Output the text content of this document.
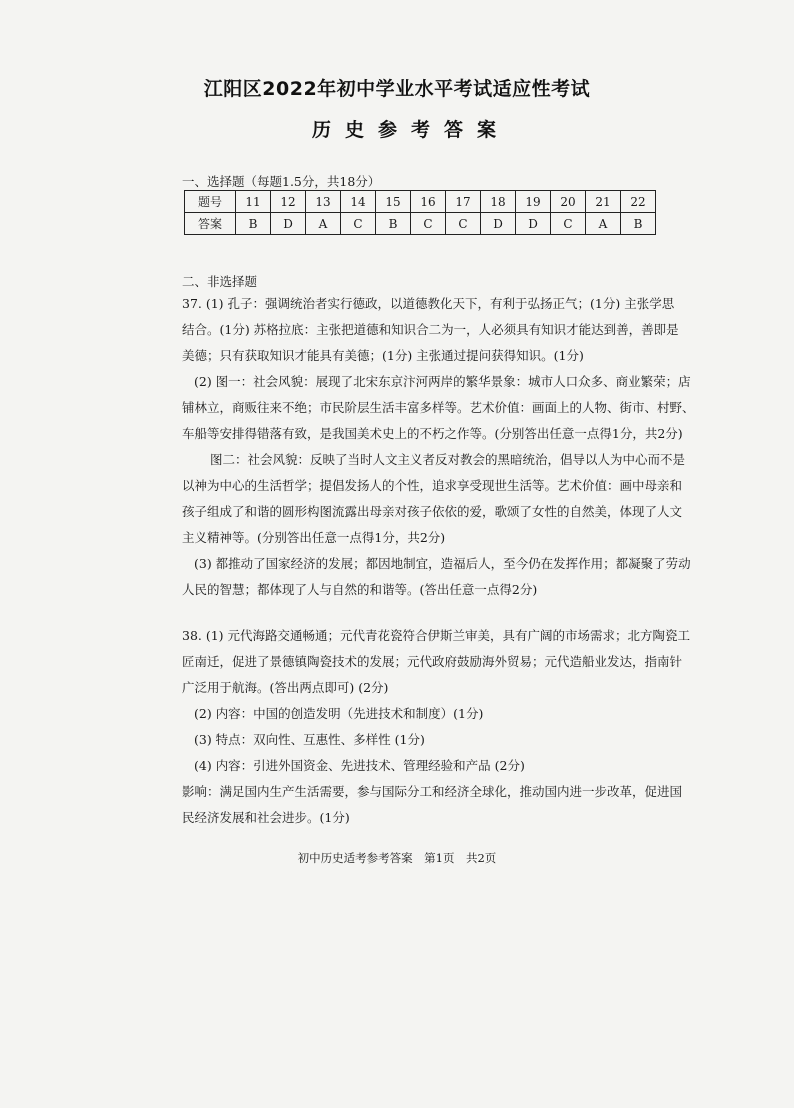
江阳区2022年初中学业水平考试适应性考试
历史参考答案
一、选择题（每题1.5分，共18分）
题号	11	12	13	14	15	16	17	18	19	20	21	22
答案	B	D	A	C	B	C	C	D	D	C	A	B
二、非选择题
37. (1) 孔子：强调统治者实行德政，以道德教化天下，有利于弘扬正气；(1分) 主张学思
结合。(1分) 苏格拉底：主张把道德和知识合二为一，人必须具有知识才能达到善，善即是
美德；只有获取知识才能具有美德；(1分) 主张通过提问获得知识。(1分)
(2) 图一：社会风貌：展现了北宋东京汴河两岸的繁华景象：城市人口众多、商业繁荣；店
铺林立，商贩往来不绝；市民阶层生活丰富多样等。艺术价值：画面上的人物、街市、村野、
车船等安排得错落有致，是我国美术史上的不朽之作等。(分别答出任意一点得1分，共2分)
图二：社会风貌：反映了当时人文主义者反对教会的黑暗统治，倡导以人为中心而不是
以神为中心的生活哲学；提倡发扬人的个性，追求享受现世生活等。艺术价值：画中母亲和
孩子组成了和谐的圆形构图流露出母亲对孩子依依的爱，歌颂了女性的自然美，体现了人文
主义精神等。(分别答出任意一点得1分，共2分)
(3) 都推动了国家经济的发展；都因地制宜，造福后人，至今仍在发挥作用；都凝聚了劳动
人民的智慧；都体现了人与自然的和谐等。(答出任意一点得2分)
38. (1) 元代海路交通畅通；元代青花瓷符合伊斯兰审美，具有广阔的市场需求；北方陶瓷工
匠南迁，促进了景德镇陶瓷技术的发展；元代政府鼓励海外贸易；元代造船业发达，指南针
广泛用于航海。(答出两点即可) (2分)
(2) 内容：中国的创造发明（先进技术和制度）(1分)
(3) 特点：双向性、互惠性、多样性 (1分)
(4) 内容：引进外国资金、先进技术、管理经验和产品 (2分)
影响：满足国内生产生活需要，参与国际分工和经济全球化，推动国内进一步改革，促进国
民经济发展和社会进步。(1分)
初中历史适考参考答案　第1页　共2页
